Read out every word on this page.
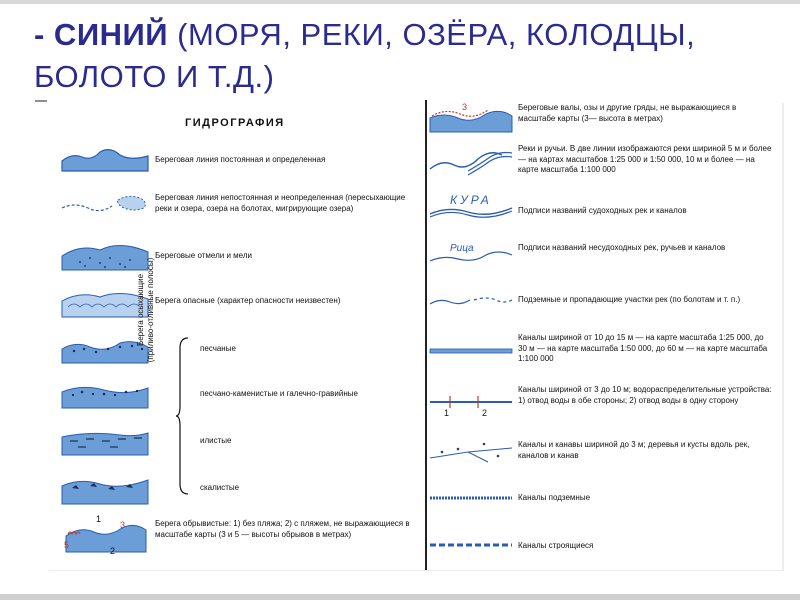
- СИНИЙ (МОРЯ, РЕКИ, ОЗЁРА, КОЛОДЦЫ, БОЛОТО И Т.Д.)
ГИДРОГРАФИЯ
1
3
5
2
Береговая линия постоянная и определенная
Береговая линия непостоянная и неопределенная (пересыхающие реки и озера, озера на болотах, мигрирующие озера)
Береговые отмели и мели
Берега опасные (характер опасности неизвестен)
песчаные
песчано-каменистые и галечно-гравийные
илистые
скалистые
Берега обрывистые: 1) без пляжа; 2) с пляжем, не выражающиеся в масштабе карты (3 и 5 — высоты обрывов в метрах)
Берега осыхающие
(приливо-отливные полосы)
3
КУРА
Рица
1	2
Береговые валы, озы и другие гряды, не выражающиеся в масштабе карты (3— высота в метрах)
Реки и ручьи. В две линии изображаются реки шириной 5 м и более — на картах масштабов 1:25 000 и 1:50 000, 10 м и более — на карте масштаба 1:100 000
Подписи названий судоходных рек и каналов
Подписи названий несудоходных рек, ручьев и каналов
Подземные и пропадающие участки рек (по болотам и т. п.)
Каналы шириной от 10 до 15 м — на карте масштаба 1:25 000, до 30 м — на карте масштаба 1:50 000, до 60 м — на карте масштаба 1:100 000
Каналы шириной от 3 до 10 м; водораспределительные устройства: 1) отвод воды в обе стороны; 2) отвод воды в одну сторону
Каналы и канавы шириной до 3 м; деревья и кусты вдоль рек, каналов и канав
Каналы подземные
Каналы строящиеся
